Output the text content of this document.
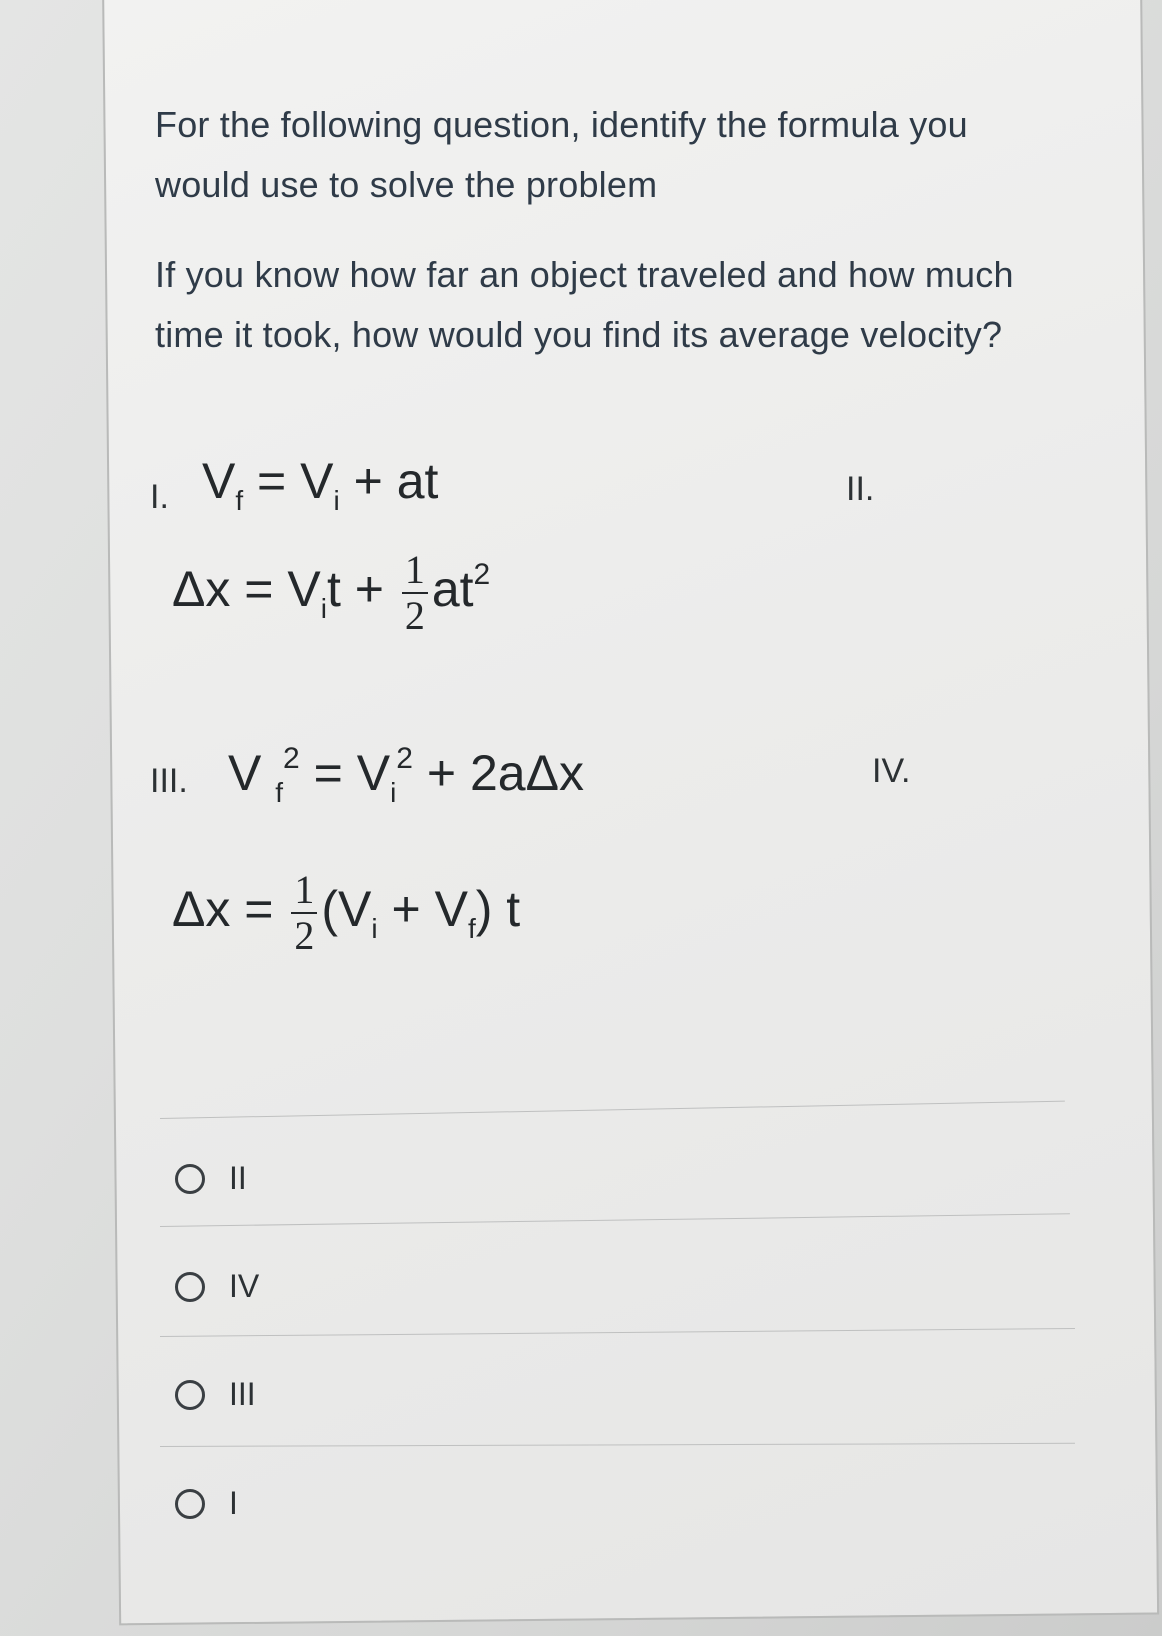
For the following question, identify the formula you would use to solve the problem
If you know how far an object traveled and how much time it took, how would you find its average velocity?
I. $V_f = V_i$ + at	II.
$\Delta x = V_it + \frac{1}{2} at^2$
III. V $_f^2 = V_i^2 + 2a\Delta x$	IV.
$\Delta x = \frac{1}{2} (V_i + V_f)$ t
II
IV
III
I
